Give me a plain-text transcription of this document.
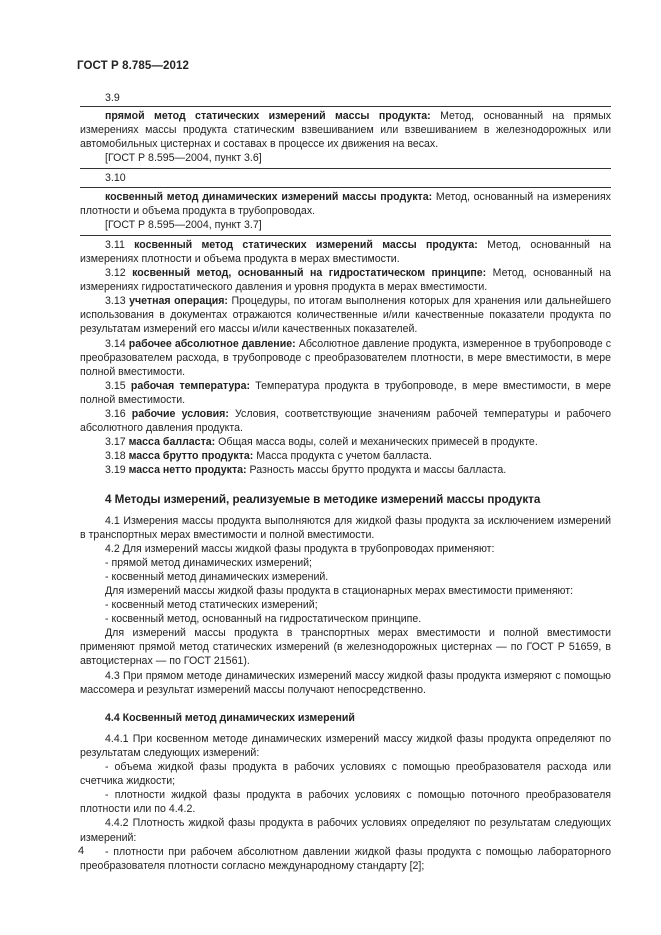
ГОСТ Р 8.785—2012

3.9

прямой метод статических измерений массы продукта: Метод, основанный на прямых измерениях массы продукта статическим взвешиванием или взвешиванием в железнодорожных или автомобильных цистернах и составах в процессе их движения на весах.

[ГОСТ Р 8.595—2004, пункт 3.6]

3.10

косвенный метод динамических измерений массы продукта: Метод, основанный на измерениях плотности и объема продукта в трубопроводах.

[ГОСТ Р 8.595—2004, пункт 3.7]

3.11 косвенный метод статических измерений массы продукта: Метод, основанный на измерениях плотности и объема продукта в мерах вместимости.

3.12 косвенный метод, основанный на гидростатическом принципе: Метод, основанный на измерениях гидростатического давления и уровня продукта в мерах вместимости.

3.13 учетная операция: Процедуры, по итогам выполнения которых для хранения или дальнейшего использования в документах отражаются количественные и/или качественные показатели продукта по результатам измерений его массы и/или качественных показателей.

3.14 рабочее абсолютное давление: Абсолютное давление продукта, измеренное в трубопроводе с преобразователем расхода, в трубопроводе с преобразователем плотности, в мере вместимости, в мере полной вместимости.

3.15 рабочая температура: Температура продукта в трубопроводе, в мере вместимости, в мере полной вместимости.

3.16 рабочие условия: Условия, соответствующие значениям рабочей температуры и рабочего абсолютного давления продукта.

3.17 масса балласта: Общая масса воды, солей и механических примесей в продукте.

3.18 масса брутто продукта: Масса продукта с учетом балласта.

3.19 масса нетто продукта: Разность массы брутто продукта и массы балласта.

4 Методы измерений, реализуемые в методике измерений массы продукта

4.1 Измерения массы продукта выполняются для жидкой фазы продукта за исключением измерений в транспортных мерах вместимости и полной вместимости.

4.2 Для измерений массы жидкой фазы продукта в трубопроводах применяют:

- прямой метод динамических измерений;

- косвенный метод динамических измерений.

Для измерений массы жидкой фазы продукта в стационарных мерах вместимости применяют:

- косвенный метод статических измерений;

- косвенный метод, основанный на гидростатическом принципе.

Для измерений массы продукта в транспортных мерах вместимости и полной вместимости применяют прямой метод статических измерений (в железнодорожных цистернах — по ГОСТ Р 51659, в автоцистернах — по ГОСТ 21561).

4.3 При прямом методе динамических измерений массу жидкой фазы продукта измеряют с помощью массомера и результат измерений массы получают непосредственно.

4.4 Косвенный метод динамических измерений

4.4.1 При косвенном методе динамических измерений массу жидкой фазы продукта определяют по результатам следующих измерений:

- объема жидкой фазы продукта в рабочих условиях с помощью преобразователя расхода или счетчика жидкости;

- плотности жидкой фазы продукта в рабочих условиях с помощью поточного преобразователя плотности или по 4.4.2.

4.4.2 Плотность жидкой фазы продукта в рабочих условиях определяют по результатам следующих измерений:

- плотности при рабочем абсолютном давлении жидкой фазы продукта с помощью лабораторного преобразователя плотности согласно международному стандарту [2];

4
